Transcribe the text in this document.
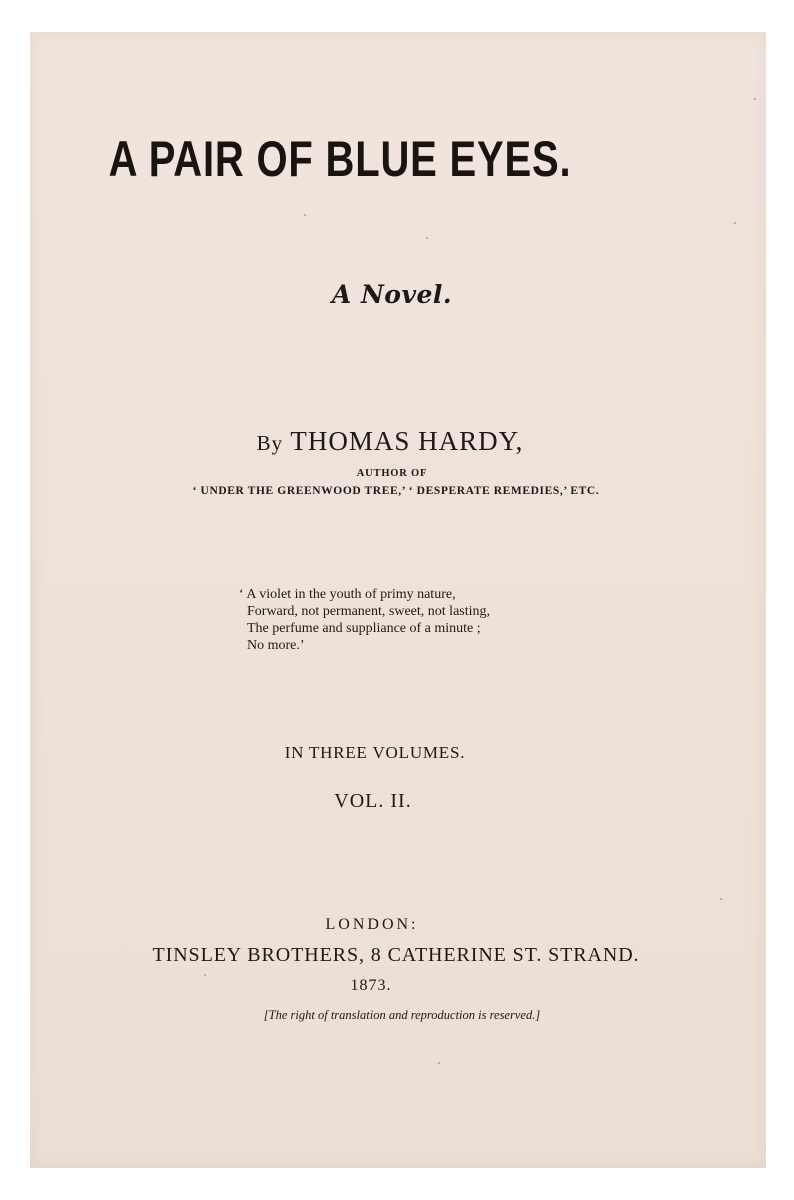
A PAIR OF BLUE EYES.
A Novel.
By THOMAS HARDY,
AUTHOR OF
‘ UNDER THE GREENWOOD TREE,’ ‘ DESPERATE REMEDIES,’ ETC.
‘ A violet in the youth of primy nature,
Forward, not permanent, sweet, not lasting,
The perfume and suppliance of a minute ;
No more.’
IN THREE VOLUMES.
VOL. II.
LONDON:
TINSLEY BROTHERS, 8 CATHERINE ST. STRAND.
1873.
[The right of translation and reproduction is reserved.]
